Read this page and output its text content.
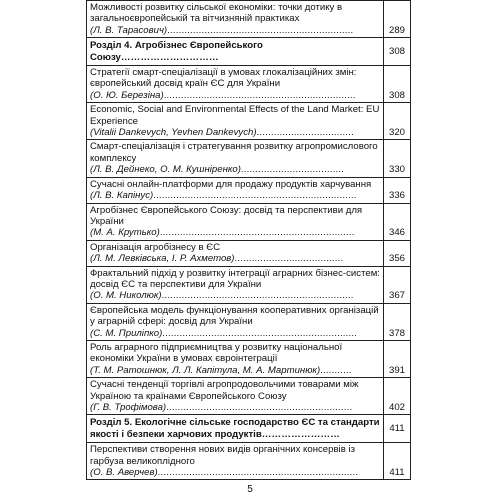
Можливості розвитку сільської економіки: точки дотику в загальноєвропейській та вітчизняній практиках
(Л. В. Тарасович).................................................................	289
Розділ 4. Агробізнес Європейського Союзу…………………………	308
Стратегії смарт-спеціалізації в умовах глокалізаційних змін: європейський досвід країн ЄС для України
(О. Ю. Березіна)...................................................................	308
Economic, Social and Environmental Effects of the Land Market: EU Experience
(Vitalii Dankevych, Yevhen Dankevych)..................................	320
Смарт-спеціалізація і стратегування розвитку агропромислового комплексу
(Л. В. Дейнеко, О. М. Кушніренко)....................................	330
Сучасні онлайн-платформи для продажу продуктів харчування
(Л. В. Капінус).......................................................................	336
Агробізнес Європейського Союзу: досвід та перспективи для України
(М. А. Крутько)....................................................................	346
Організація агробізнесу в ЄС
(Л. М. Левківська, І. Р. Ахметов)......................................	356
Фрактальний підхід у розвитку інтеграції аграрних бізнес-систем: досвід ЄС та перспективи для України
(О. М. Николюк)...................................................................	367
Європейська модель функціонування кооперативних організацій у аграрній сфері: досвід для України
(С. М. Приліпко)....................................................................	378
Роль аграрного підприємництва у розвитку національної економіки України в умовах євроінтеграції
(Т. М. Ратошнюк, Л. Л. Капітула, М. А. Мартинюк)...........	391
Сучасні тенденції торгівлі агропродовольчими товарами між Україною та країнами Європейського Союзу
(Г. В. Трофімова).................................................................	402
Розділ 5. Екологічне сільське господарство ЄС та стандарти якості і безпеки харчових продуктів……………………	411
Перспективи створення нових видів органічних консервів із гарбуза великоплідного
(О. В. Аверчев)......................................................................	411
5
